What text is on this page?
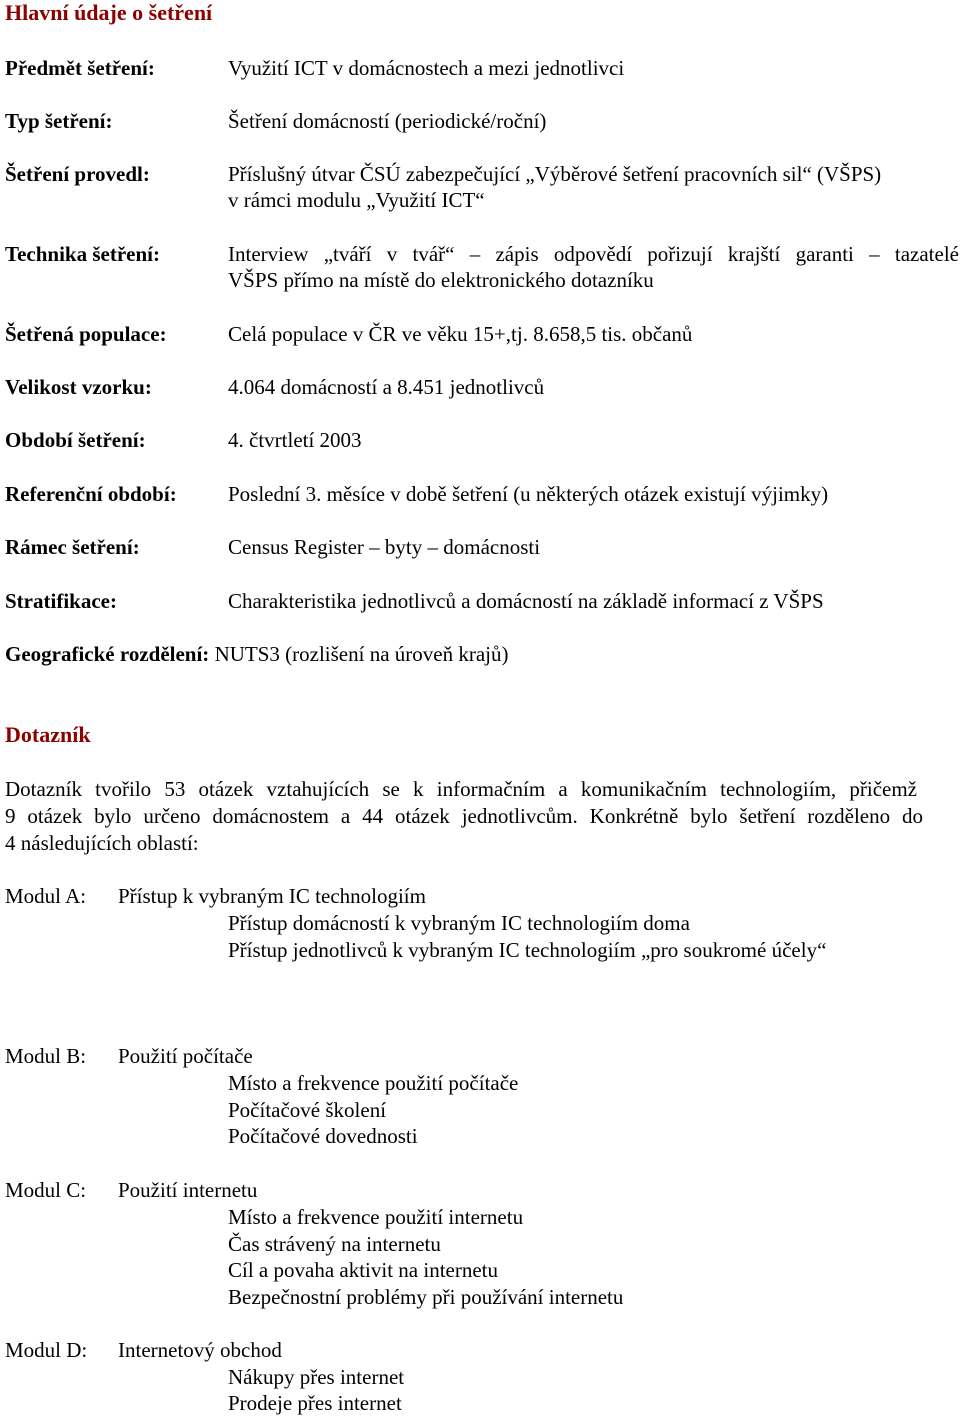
Hlavní údaje o šetření
Předmět šetření:	Využití ICT v domácnostech a mezi jednotlivci
Typ šetření:	Šetření domácností (periodické/roční)
Šetření provedl:	Příslušný útvar ČSÚ zabezpečující „Výběrové šetření pracovních sil“ (VŠPS)
v rámci modulu „Využití ICT“
Technika šetření:	Interview „tváří v tvář“ – zápis odpovědí pořizují krajští garanti – tazatelé
VŠPS přímo na místě do elektronického dotazníku
Šetřená populace:	Celá populace v ČR ve věku 15+,tj. 8.658,5 tis. občanů
Velikost vzorku:	4.064 domácností a 8.451 jednotlivců
Období šetření:	4. čtvrtletí 2003
Referenční období: Poslední 3. měsíce v době šetření (u některých otázek existují výjimky)
Rámec šetření:	Census Register – byty – domácnosti
Stratifikace:	Charakteristika jednotlivců a domácností na základě informací z VŠPS
Geografické rozdělení: NUTS3 (rozlišení na úroveň krajů)
Dotazník
Dotazník tvořilo 53 otázek vztahujících se k informačním a komunikačním technologiím, přičemž
9 otázek bylo určeno domácnostem a 44 otázek jednotlivcům. Konkrétně bylo šetření rozděleno do
4 následujících oblastí:
Modul A: Přístup k vybraným IC technologiím
Přístup domácností k vybraným IC technologiím doma
Přístup jednotlivců k vybraným IC technologiím „pro soukromé účely“
Modul B: Použití počítače
Místo a frekvence použití počítače
Počítačové školení
Počítačové dovednosti
Modul C: Použití internetu
Místo a frekvence použití internetu
Čas strávený na internetu
Cíl a povaha aktivit na internetu
Bezpečnostní problémy při používání internetu
Modul D: Internetový obchod
Nákupy přes internet
Prodeje přes internet
